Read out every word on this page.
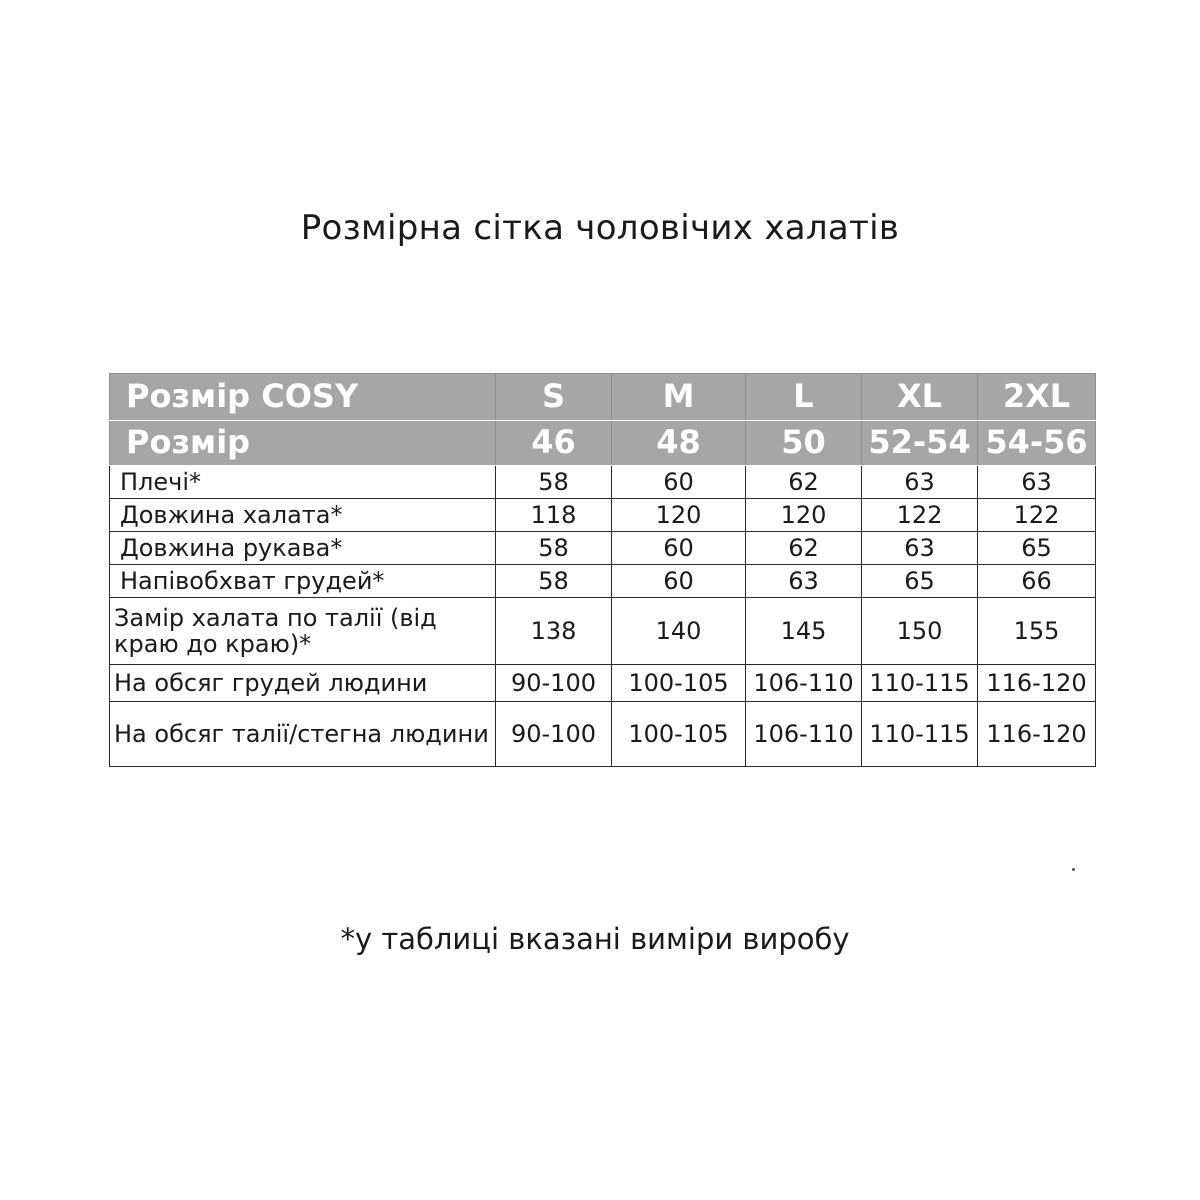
Розмірна сітка чоловічих халатів
Розмір COSY	S	M	L	XL	2XL
Розмір	46	48	50	52-54	54-56
Плечі*	58	60	62	63	63
Довжина халата*	118	120	120	122	122
Довжина рукава*	58	60	62	63	65
Напівобхват грудей*	58	60	63	65	66
Замір халата по талії (від краю до краю)*	138	140	145	150	155
На обсяг грудей людини	90-100	100-105	106-110	110-115	116-120
На обсяг талії/стегна людини	90-100	100-105	106-110	110-115	116-120
*у таблиці вказані виміри виробу
